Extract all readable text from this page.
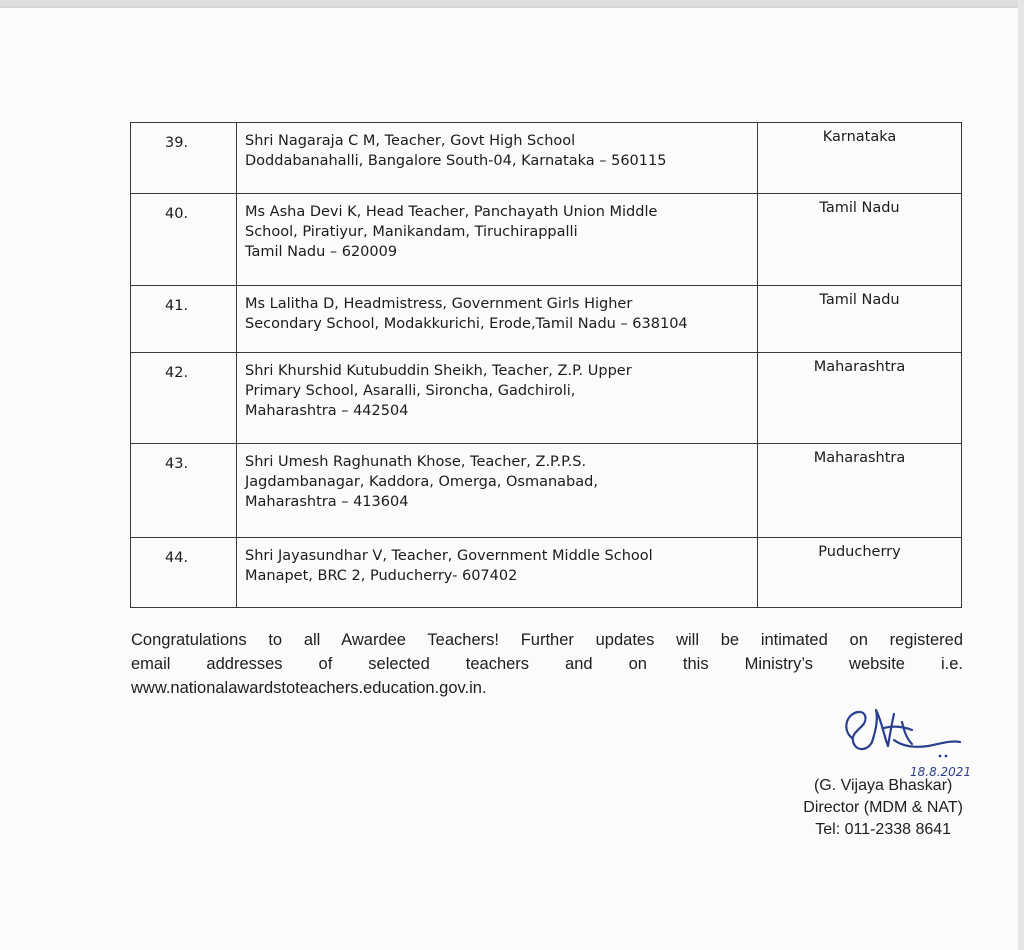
39.	Shri Nagaraja C M, Teacher, Govt High School
Doddabanahalli, Bangalore South-04, Karnataka – 560115	Karnataka

40.	Ms Asha Devi K, Head Teacher, Panchayath Union Middle
School, Piratiyur, Manikandam, Tiruchirappalli
Tamil Nadu – 620009	Tamil Nadu

41.	Ms Lalitha D, Headmistress, Government Girls Higher
Secondary School, Modakkurichi, Erode,Tamil Nadu – 638104	Tamil Nadu

42.	Shri Khurshid Kutubuddin Sheikh, Teacher, Z.P. Upper
Primary School, Asaralli, Sironcha, Gadchiroli,
Maharashtra – 442504	Maharashtra

43.	Shri Umesh Raghunath Khose, Teacher, Z.P.P.S.
Jagdambanagar, Kaddora, Omerga, Osmanabad,
Maharashtra – 413604	Maharashtra

44.	Shri Jayasundhar V, Teacher, Government Middle School
Manapet, BRC 2, Puducherry- 607402	Puducherry
Congratulations to all Awardee Teachers! Further updates will be intimated on registered
email addresses of selected teachers and on this Ministry’s website i.e.
www.nationalawardstoteachers.education.gov.in.
18.8.2021
(G. Vijaya Bhaskar)
Director (MDM & NAT)
Tel: 011-2338 8641
